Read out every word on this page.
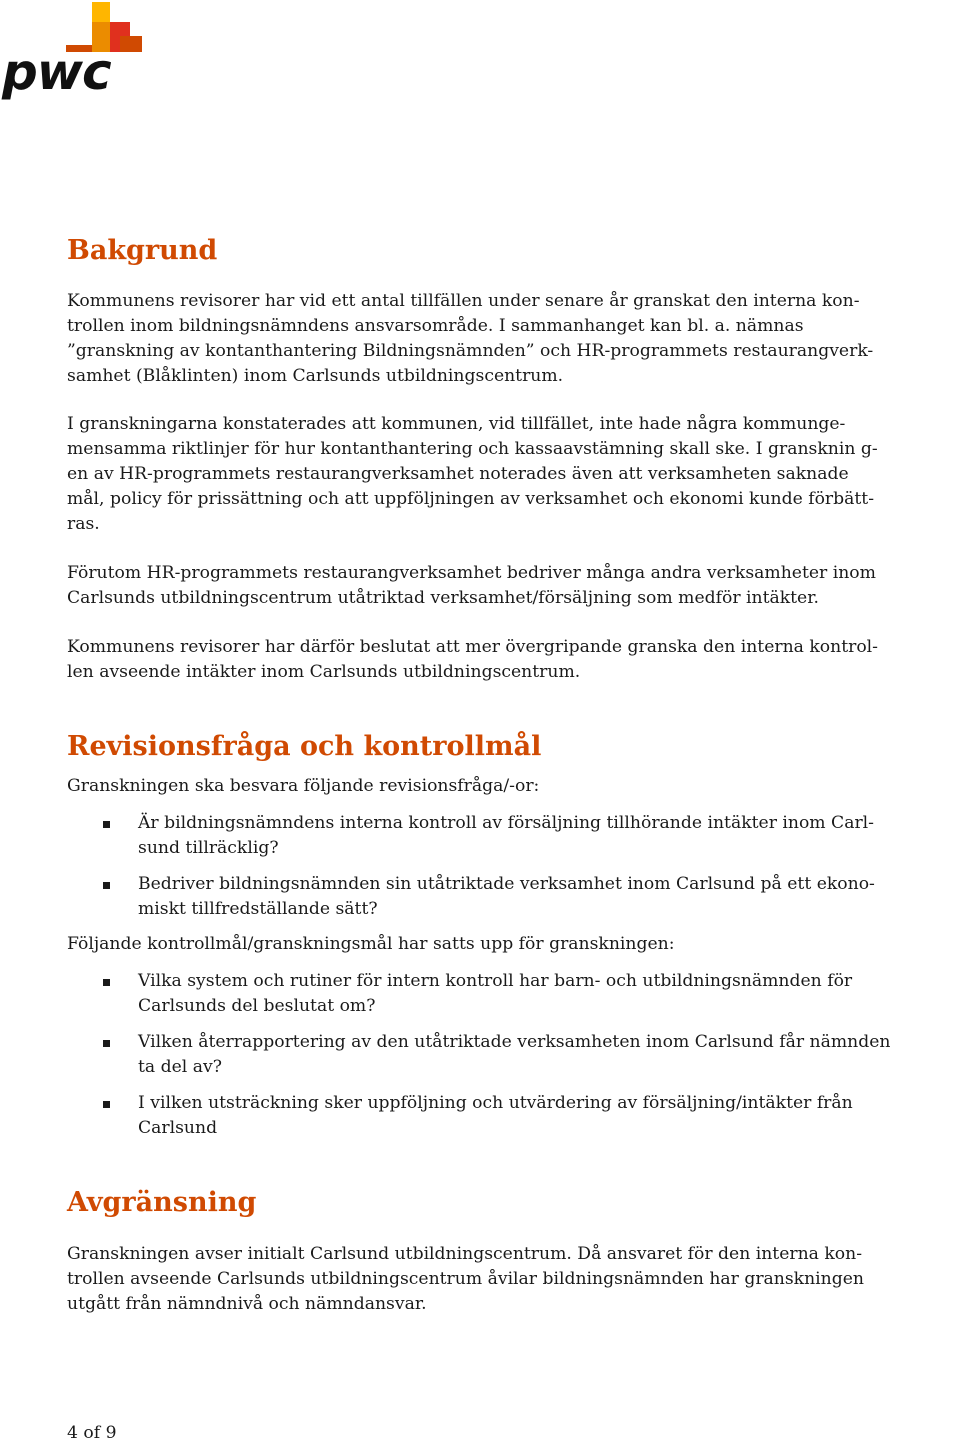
pwc
Bakgrund

Kommunens revisorer har vid ett antal tillfällen under senare år granskat den interna kon-
trollen inom bildningsnämndens ansvarsområde. I sammanhanget kan bl. a. nämnas
”granskning av kontanthantering Bildningsnämnden” och HR-programmets restaurangverk-
samhet (Blåklinten) inom Carlsunds utbildningscentrum.

I granskningarna konstaterades att kommunen, vid tillfället, inte hade några kommunge-
mensamma riktlinjer för hur kontanthantering och kassaavstämning skall ske. I gransknin g-
en av HR-programmets restaurangverksamhet noterades även att verksamheten saknade
mål, policy för prissättning och att uppföljningen av verksamhet och ekonomi kunde förbätt-
ras.

Förutom HR-programmets restaurangverksamhet bedriver många andra verksamheter inom
Carlsunds utbildningscentrum utåtriktad verksamhet/försäljning som medför intäkter.

Kommunens revisorer har därför beslutat att mer övergripande granska den interna kontrol-
len avseende intäkter inom Carlsunds utbildningscentrum.

Revisionsfråga och kontrollmål

Granskningen ska besvara följande revisionsfråga/-or:

Är bildningsnämndens interna kontroll av försäljning tillhörande intäkter inom Carl-
sund tillräcklig?
Bedriver bildningsnämnden sin utåtriktade verksamhet inom Carlsund på ett ekono-
miskt tillfredställande sätt?

Följande kontrollmål/granskningsmål har satts upp för granskningen:

Vilka system och rutiner för intern kontroll har barn- och utbildningsnämnden för
Carlsunds del beslutat om?
Vilken återrapportering av den utåtriktade verksamheten inom Carlsund får nämnden
ta del av?
I vilken utsträckning sker uppföljning och utvärdering av försäljning/intäkter från
Carlsund
Avgränsning

Granskningen avser initialt Carlsund utbildningscentrum. Då ansvaret för den interna kon-
trollen avseende Carlsunds utbildningscentrum åvilar bildningsnämnden har granskningen
utgått från nämndnivå och nämndansvar.

4 of 9
